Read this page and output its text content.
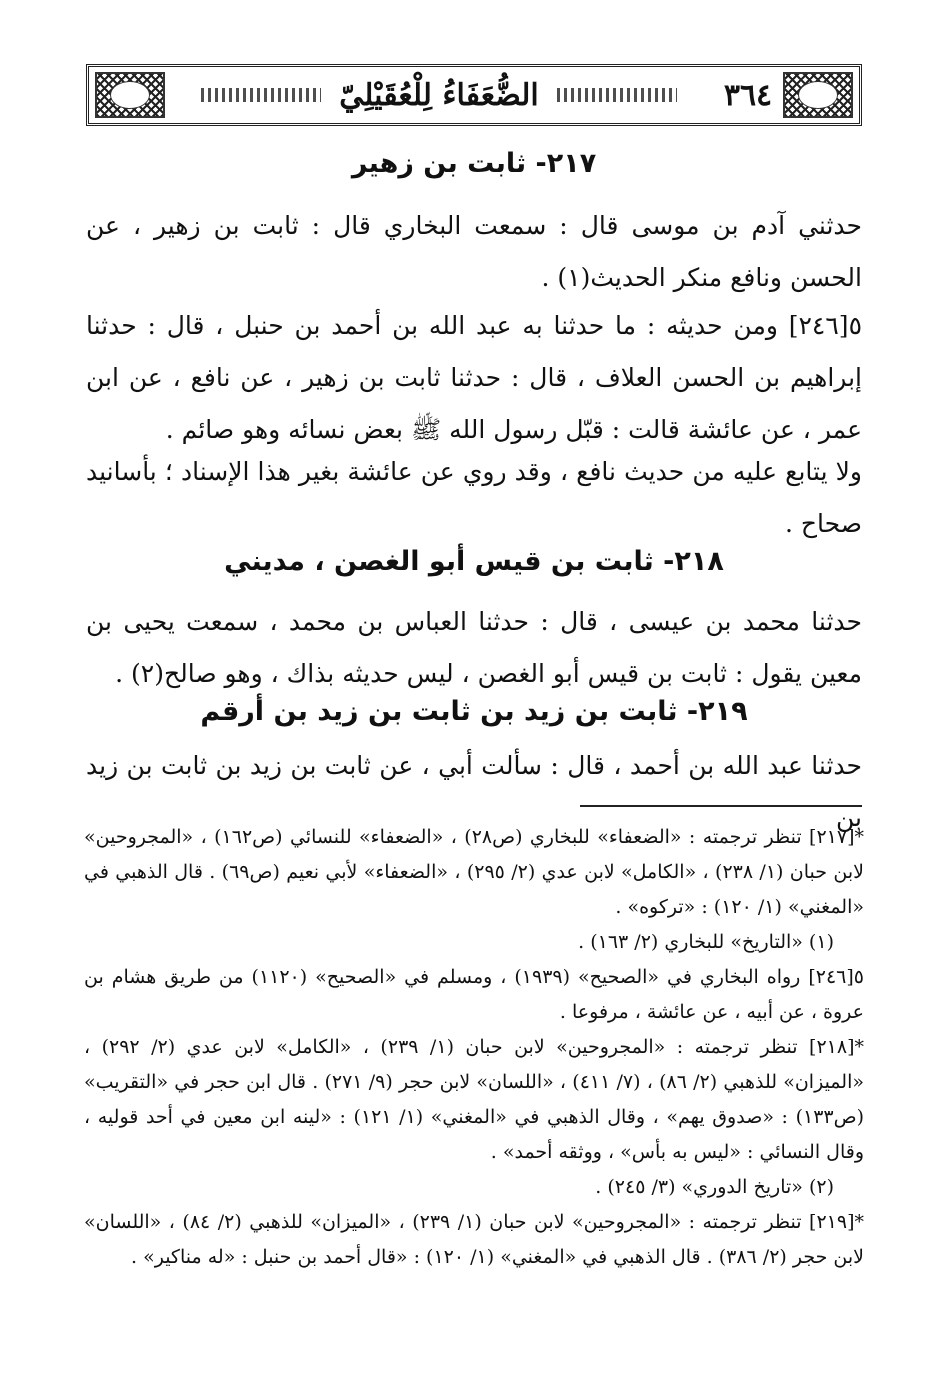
الضُّعَفَاءُ لِلْعُقَيْلِيّ	٣٦٤
٢١٧- ثابت بن زهير
حدثني آدم بن موسى قال : سمعت البخاري قال : ثابت بن زهير ، عن الحسن ونافع منكر الحديث(١) .
٥[٢٤٦] ومن حديثه : ما حدثنا به عبد الله بن أحمد بن حنبل ، قال : حدثنا إبراهيم بن الحسن العلاف ، قال : حدثنا ثابت بن زهير ، عن نافع ، عن ابن عمر ، عن عائشة قالت : قبّل رسول الله ﷺ بعض نسائه وهو صائم .
ولا يتابع عليه من حديث نافع ، وقد روي عن عائشة بغير هذا الإسناد ؛ بأسانيد صحاح .
٢١٨- ثابت بن قيس أبو الغصن ، مديني
حدثنا محمد بن عيسى ، قال : حدثنا العباس بن محمد ، سمعت يحيى بن معين يقول : ثابت بن قيس أبو الغصن ، ليس حديثه بذاك ، وهو صالح(٢) .
٢١٩- ثابت بن زيد بن ثابت بن زيد بن أرقم
حدثنا عبد الله بن أحمد ، قال : سألت أبي ، عن ثابت بن زيد بن ثابت بن زيد بن
*[٢١٧] تنظر ترجمته : «الضعفاء» للبخاري (ص٢٨) ، «الضعفاء» للنسائي (ص١٦٢) ، «المجروحين» لابن حبان (١/ ٢٣٨) ، «الكامل» لابن عدي (٢/ ٢٩٥) ، «الضعفاء» لأبي نعيم (ص٦٩) . قال الذهبي في «المغني» (١/ ١٢٠) : «تركوه» .
(١) «التاريخ» للبخاري (٢/ ١٦٣) .
٥[٢٤٦] رواه البخاري في «الصحيح» (١٩٣٩) ، ومسلم في «الصحيح» (١١٢٠) من طريق هشام بن عروة ، عن أبيه ، عن عائشة ، مرفوعا .
*[٢١٨] تنظر ترجمته : «المجروحين» لابن حبان (١/ ٢٣٩) ، «الكامل» لابن عدي (٢/ ٢٩٢) ، «الميزان» للذهبي (٢/ ٨٦) ، (٧/ ٤١١) ، «اللسان» لابن حجر (٩/ ٢٧١) . قال ابن حجر في «التقريب» (ص١٣٣) : «صدوق يهم» ، وقال الذهبي في «المغني» (١/ ١٢١) : «لينه ابن معين في أحد قوليه ، وقال النسائي : «ليس به بأس» ، ووثقه أحمد» .
(٢) «تاريخ الدوري» (٣/ ٢٤٥) .
*[٢١٩] تنظر ترجمته : «المجروحين» لابن حبان (١/ ٢٣٩) ، «الميزان» للذهبي (٢/ ٨٤) ، «اللسان» لابن حجر (٢/ ٣٨٦) . قال الذهبي في «المغني» (١/ ١٢٠) : «قال أحمد بن حنبل : «له مناكير» .
